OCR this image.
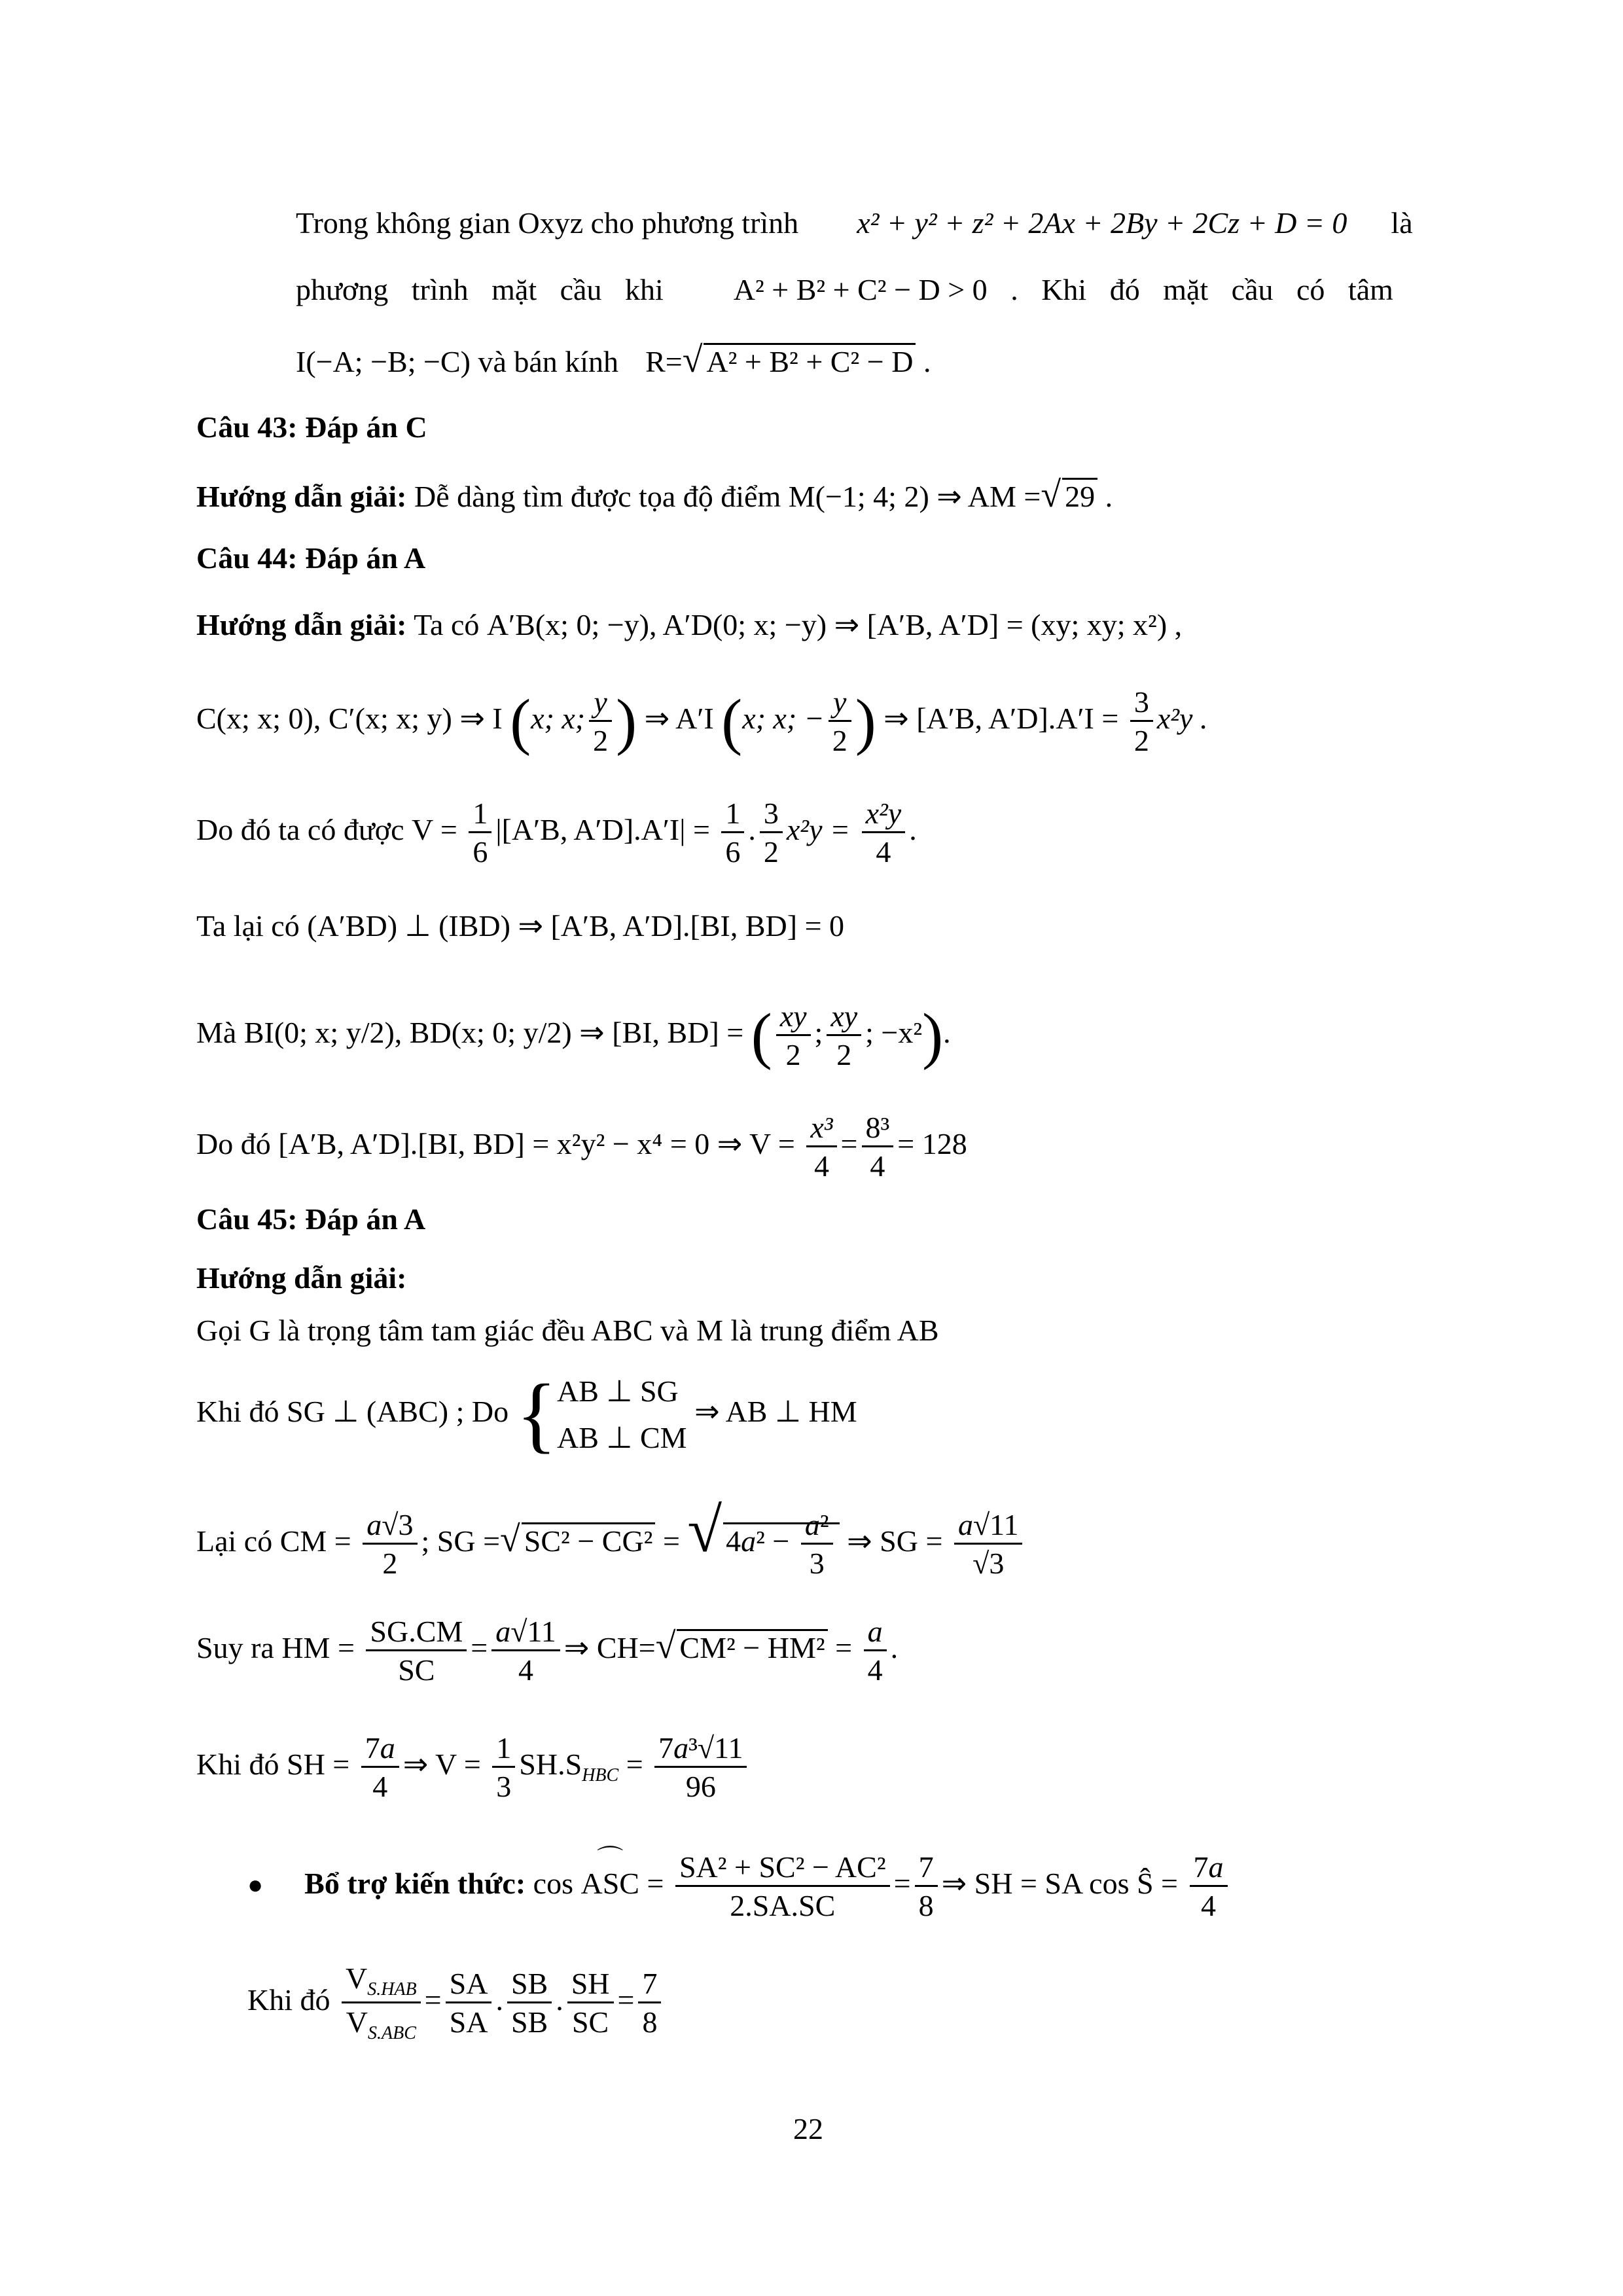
Trong không gian Oxyz cho phương trình x² + y² + z² + 2Ax + 2By + 2Cz + D = 0 là
phương trình mặt cầu khi A² + B² + C² − D > 0 . Khi đó mặt cầu có tâm
I(−A; −B; −C) và bán kính R=√ A² + B² + C² − D .
Câu 43: Đáp án C
Hướng dẫn giải: Dễ dàng tìm được tọa độ điểm M(−1; 4; 2) ⇒ AM =√ 29 .
Câu 44: Đáp án A
Hướng dẫn giải: Ta có A′B(x; 0; −y), A′D(0; x; −y) ⇒ [A′B, A′D] = (xy; xy; x²) ,
C(x; x; 0), C′(x; x; y) ⇒ I (x; x; $\frac{y}{2}$ ) ⇒ A′I (x; x; − $\frac{y}{2}$ ) ⇒ [A′B, $A'D].A'I = \frac{3}{2} x^2y$ .
Do đó ta có được $V = \frac{1}{6} |[A'B$, $A'D].A'I| = \frac{1}{6}$ . $\frac{3}{2} x^2y = \frac{\text{x²y}}{4}$ .
Ta lại có (A′BD) ⊥ (IBD) ⇒ [A′B, A′D].[BI, BD] = 0
Mà BI(0; x; y/2), BD(x; 0; y/2) ⇒ [BI, BD] = ( $\frac{xy}{2}$ ; $\frac{xy}{2}$ ; −x²).
Do đó [A′B, A′D].[BI, BD] = x²y² − x⁴ = 0 ⇒ $V = \frac{\text{x³}}{4} = \frac{\text{8³}}{4} = 128$
Câu 45: Đáp án A
Hướng dẫn giải:
Gọi G là trọng tâm tam giác đều ABC và M là trung điểm AB
Khi đó SG ⊥ (ABC) ; Do { AB ⊥ SG
AB ⊥ CM
⇒ AB ⊥ HM
Lại có CM = $\frac{a√3}{2}$ ; SG =√ SC² − CG² = √ $4a^2 - \frac{\text{a²}}{3}$ ⇒ SG = $\frac{a√11}{√3}$
Suy ra HM = $\frac{SG.CM}{SC} = \frac{a√11}{4}$ ⇒ CH=√ $CM^2 - HM^2 = \frac{a}{4}$ .
Khi đó SH = $\frac{7a}{4}$ ⇒ $V = \frac{1}{3} SH.S_{HBC} = \frac{\text{7a³√11}}{96}$
● Bổ trợ kiến thức: cos ⌒ ASC = $\frac{\text{SA² + SC² − AC²}}{2.SA.SC} = \frac{7}{8}$ ⇒ SH = SA cos Ŝ = $\frac{7a}{4}$
Khi đó $\frac{V_{S.HAB}}{V_{S.ABC}} = \frac{SA}{SA}$ . $\frac{SB}{SB}$ . $\frac{SH}{SC} = \frac{7}{8}$
22
